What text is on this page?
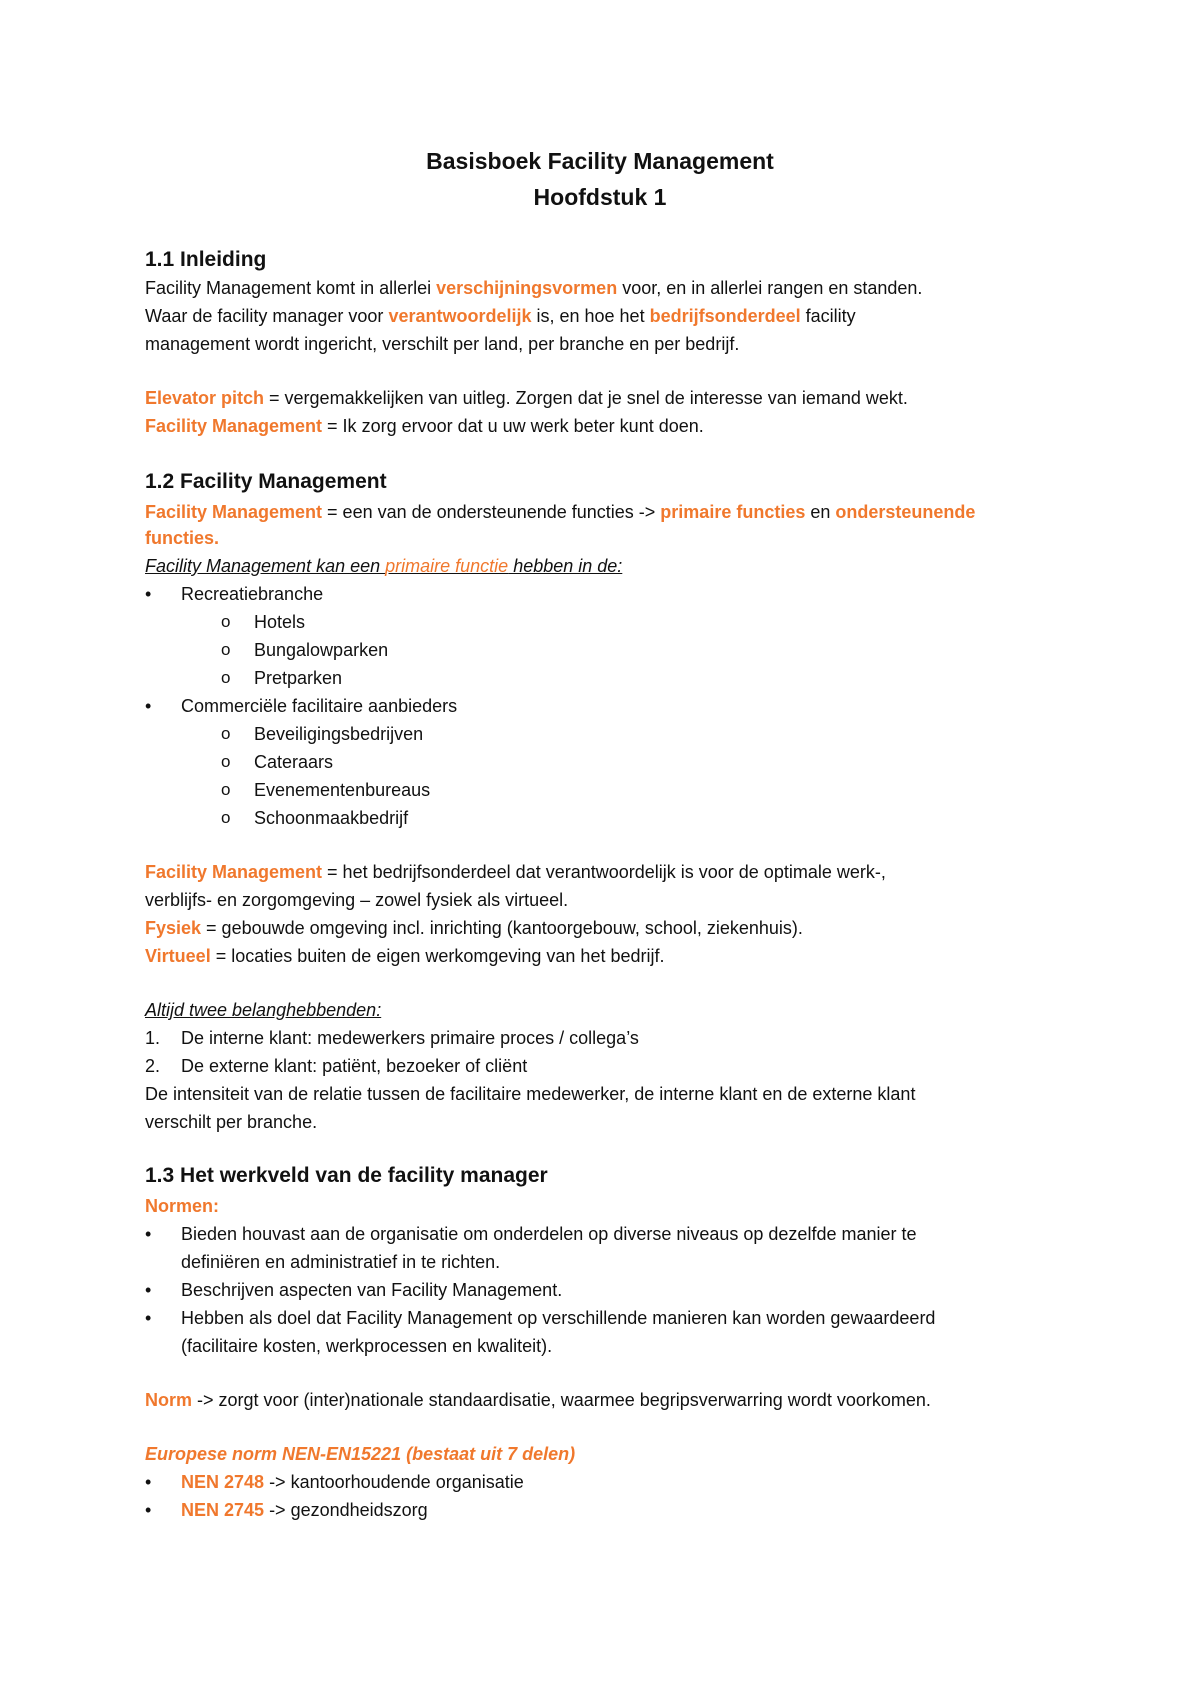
Basisboek Facility Management
Hoofdstuk 1
1.1 Inleiding
Facility Management komt in allerlei verschijningsvormen voor, en in allerlei rangen en standen.
Waar de facility manager voor verantwoordelijk is, en hoe het bedrijfsonderdeel facility
management wordt ingericht, verschilt per land, per branche en per bedrijf.
Elevator pitch = vergemakkelijken van uitleg. Zorgen dat je snel de interesse van iemand wekt.
Facility Management = Ik zorg ervoor dat u uw werk beter kunt doen.
1.2 Facility Management
Facility Management = een van de ondersteunende functies -> primaire functies en ondersteunende
functies.
Facility Management kan een primaire functie hebben in de:
• Recreatiebranche
o Hotels
o Bungalowparken
o Pretparken
• Commerciële facilitaire aanbieders
o Beveiligingsbedrijven
o Cateraars
o Evenementenbureaus
o Schoonmaakbedrijf
Facility Management = het bedrijfsonderdeel dat verantwoordelijk is voor de optimale werk-,
verblijfs- en zorgomgeving – zowel fysiek als virtueel.
Fysiek = gebouwde omgeving incl. inrichting (kantoorgebouw, school, ziekenhuis).
Virtueel = locaties buiten de eigen werkomgeving van het bedrijf.
Altijd twee belanghebbenden:
1. De interne klant: medewerkers primaire proces / collega’s
2. De externe klant: patiënt, bezoeker of cliënt
De intensiteit van de relatie tussen de facilitaire medewerker, de interne klant en de externe klant
verschilt per branche.
1.3 Het werkveld van de facility manager
Normen:
• Bieden houvast aan de organisatie om onderdelen op diverse niveaus op dezelfde manier te
definiëren en administratief in te richten.
• Beschrijven aspecten van Facility Management.
• Hebben als doel dat Facility Management op verschillende manieren kan worden gewaardeerd
(facilitaire kosten, werkprocessen en kwaliteit).
Norm -> zorgt voor (inter)nationale standaardisatie, waarmee begripsverwarring wordt voorkomen.
Europese norm NEN-EN15221 (bestaat uit 7 delen)
• NEN 2748 -> kantoorhoudende organisatie
• NEN 2745 -> gezondheidszorg
